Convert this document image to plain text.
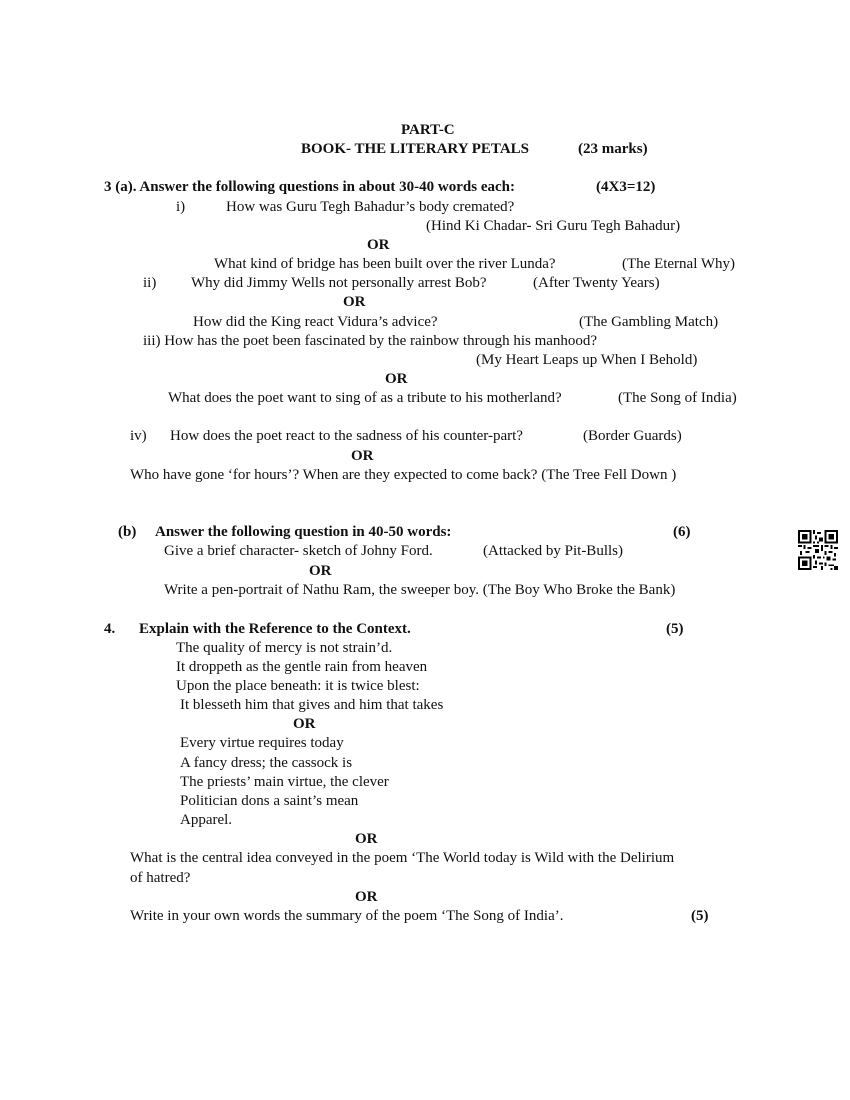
PART-C
BOOK- THE LITERARY PETALS	(23 marks)
3 (a). Answer the following questions in about 30-40 words each:	(4X3=12)
i)	How was Guru Tegh Bahadur’s body cremated?
(Hind Ki Chadar- Sri Guru Tegh Bahadur)
OR
What kind of bridge has been built over the river Lunda?	(The Eternal Why)
ii) Why did Jimmy Wells not personally arrest Bob?	(After Twenty Years)
OR
How did the King react Vidura’s advice?	(The Gambling Match)
iii) How has the poet been fascinated by the rainbow through his manhood?
(My Heart Leaps up When I Behold)
OR
What does the poet want to sing of as a tribute to his motherland?	(The Song of India)
iv) How does the poet react to the sadness of his counter-part?	(Border Guards)
OR
Who have gone ‘for hours’? When are they expected to come back? (The Tree Fell Down )
(b) Answer the following question in 40-50 words:	(6)
Give a brief character- sketch of Johny Ford.	(Attacked by Pit-Bulls)
OR
Write a pen-portrait of Nathu Ram, the sweeper boy. (The Boy Who Broke the Bank)
4. Explain with the Reference to the Context.	(5)
The quality of mercy is not strain’d.
It droppeth as the gentle rain from heaven
Upon the place beneath: it is twice blest:
It blesseth him that gives and him that takes
OR
Every virtue requires today
A fancy dress; the cassock is
The priests’ main virtue, the clever
Politician dons a saint’s mean
Apparel.
OR
What is the central idea conveyed in the poem ‘The World today is Wild with the Delirium
of hatred?
OR
Write in your own words the summary of the poem ‘The Song of India’.	(5)
